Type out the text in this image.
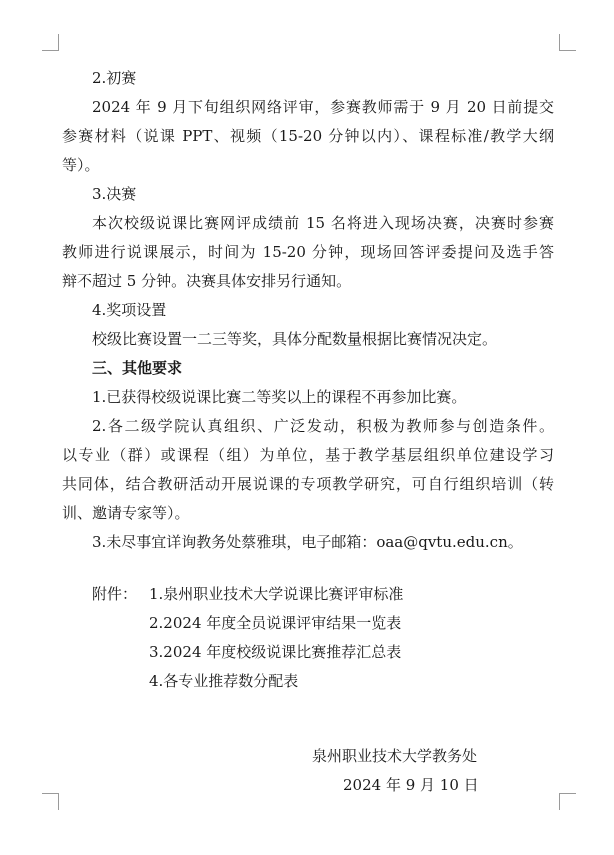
2.初赛
2024 年 9 月下旬组织网络评审，参赛教师需于 9 月 20 日前提交
参赛材料（说课 PPT、视频（15-20 分钟以内）、课程标准/教学大纲
等）。
3.决赛
本次校级说课比赛网评成绩前 15 名将进入现场决赛，决赛时参赛
教师进行说课展示，时间为 15-20 分钟，现场回答评委提问及选手答
辩不超过 5 分钟。决赛具体安排另行通知。
4.奖项设置
校级比赛设置一二三等奖，具体分配数量根据比赛情况决定。
三、其他要求
1.已获得校级说课比赛二等奖以上的课程不再参加比赛。
2.各二级学院认真组织、广泛发动，积极为教师参与创造条件。
以专业（群）或课程（组）为单位，基于教学基层组织单位建设学习
共同体，结合教研活动开展说课的专项教学研究，可自行组织培训（转
训、邀请专家等）。
3.未尽事宜详询教务处蔡雅琪，电子邮箱：oaa@qvtu.edu.cn。
附件： 1.泉州职业技术大学说课比赛评审标准
2.2024 年度全员说课评审结果一览表
3.2024 年度校级说课比赛推荐汇总表
4.各专业推荐数分配表
泉州职业技术大学教务处
2024 年 9 月 10 日
